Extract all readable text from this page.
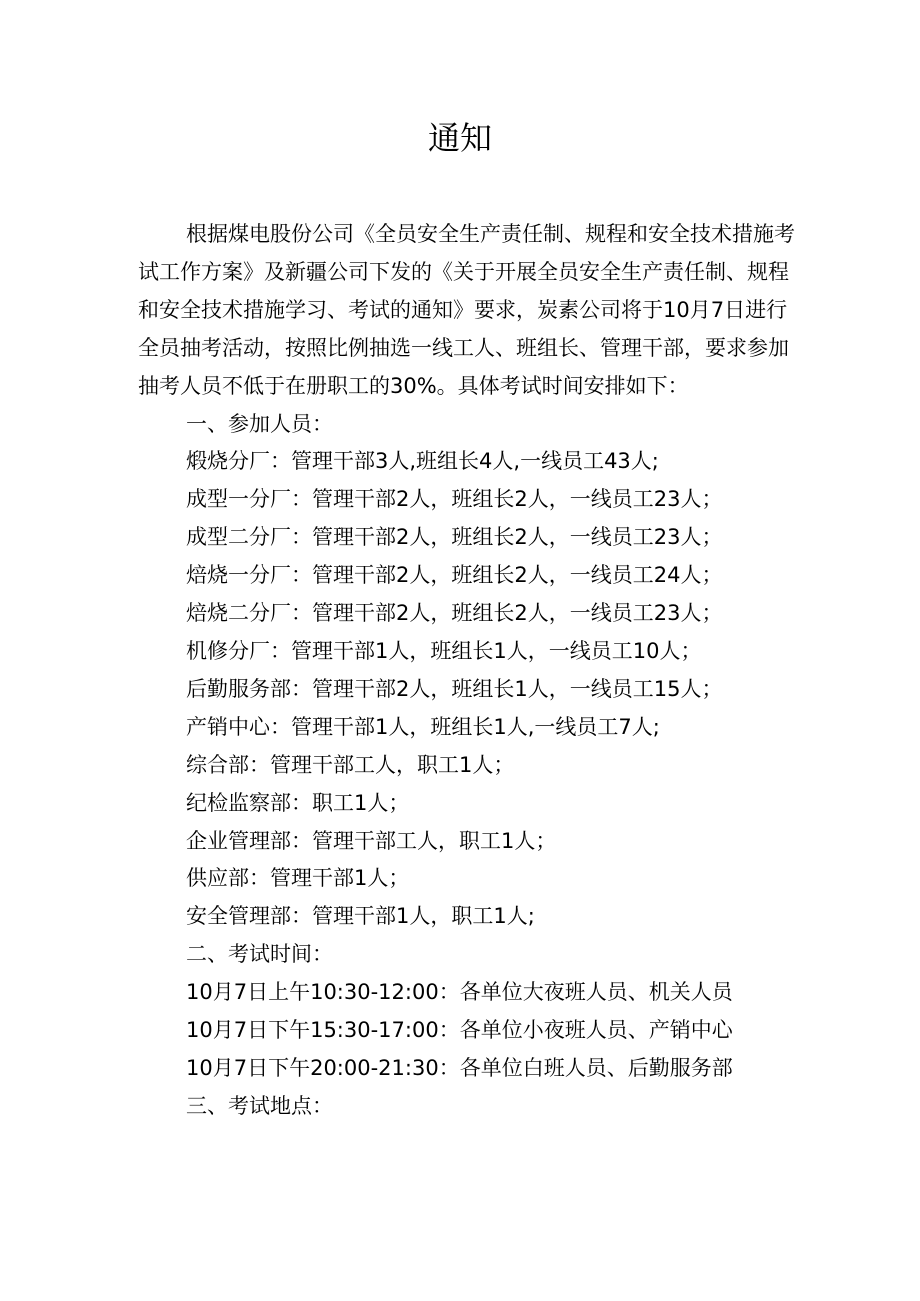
通知

根据煤电股份公司《全员安全生产责任制、规程和安全技术措施考试工作方案》及新疆公司下发的《关于开展全员安全生产责任制、规程和安全技术措施学习、考试的通知》要求，炭素公司将于10月7日进行全员抽考活动，按照比例抽选一线工人、班组长、管理干部，要求参加抽考人员不低于在册职工的30%。具体考试时间安排如下：

一、参加人员：

煅烧分厂：管理干部3人,班组长4人,一线员工43人;

成型一分厂：管理干部2人，班组长2人，一线员工23人；

成型二分厂：管理干部2人，班组长2人，一线员工23人；

焙烧一分厂：管理干部2人，班组长2人，一线员工24人；

焙烧二分厂：管理干部2人，班组长2人，一线员工23人；

机修分厂：管理干部1人，班组长1人，一线员工10人；

后勤服务部：管理干部2人，班组长1人，一线员工15人；

产销中心：管理干部1人，班组长1人,一线员工7人;

综合部：管理干部工人，职工1人；

纪检监察部：职工1人；

企业管理部：管理干部工人，职工1人；

供应部：管理干部1人；

安全管理部：管理干部1人，职工1人;

二、考试时间：

10月7日上午10:30-12:00：各单位大夜班人员、机关人员

10月7日下午15:30-17:00：各单位小夜班人员、产销中心

10月7日下午20:00-21:30：各单位白班人员、后勤服务部

三、考试地点：
